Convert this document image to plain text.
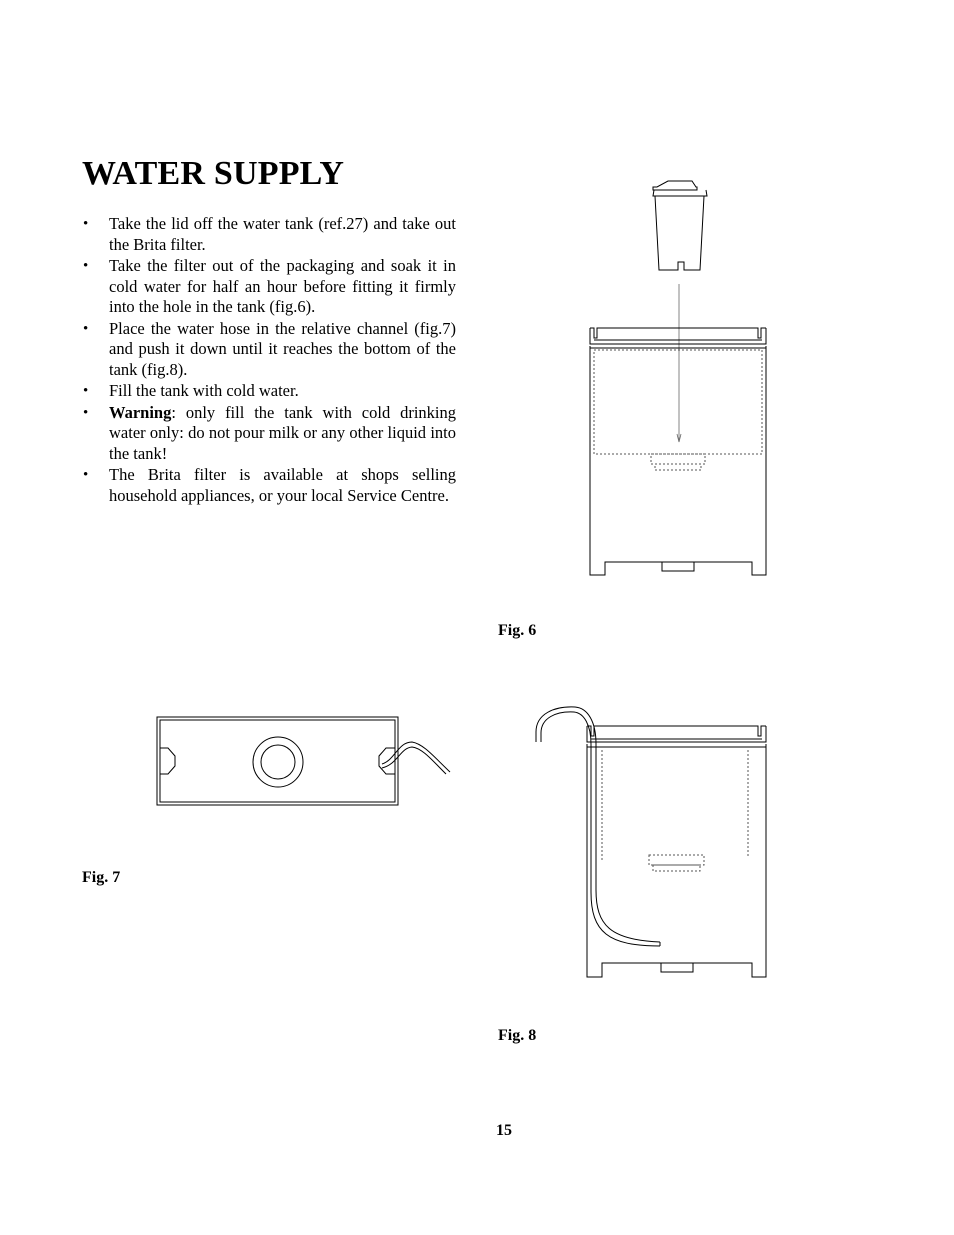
WATER SUPPLY
• Take the lid off the water tank (ref.27) and take out the Brita filter.
• Take the filter out of the packaging and soak it in cold water for half an hour before fitting it firmly into the hole in the tank (fig.6).
• Place the water hose in the relative channel (fig.7) and push it down until it reaches the bottom of the tank (fig.8).
• Fill the tank with cold water.
• Warning: only fill the tank with cold drinking water only: do not pour milk or any other liquid into the tank!
• The Brita filter is available at shops selling household appliances, or your local Service Centre.

Fig. 6

Fig. 7

Fig. 8

15
